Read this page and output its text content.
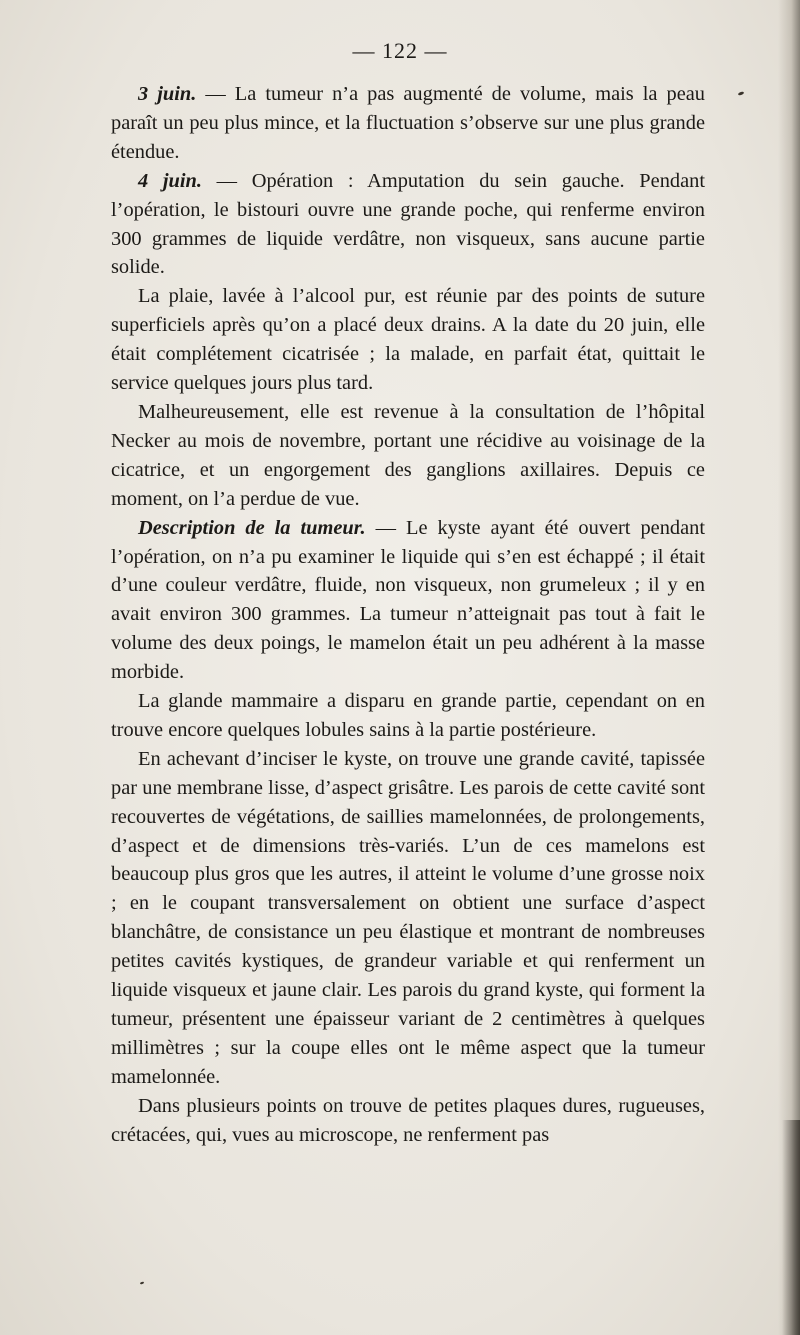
— 122 —

3 juin. — La tumeur n’a pas augmenté de volume, mais la peau paraît un peu plus mince, et la fluctuation s’observe sur une plus grande étendue.

4 juin. — Opération : Amputation du sein gauche. Pendant l’opération, le bistouri ouvre une grande poche, qui renferme environ 300 grammes de liquide verdâtre, non visqueux, sans aucune partie solide.

La plaie, lavée à l’alcool pur, est réunie par des points de suture superficiels après qu’on a placé deux drains. A la date du 20 juin, elle était complétement cicatrisée ; la malade, en parfait état, quittait le service quelques jours plus tard.

Malheureusement, elle est revenue à la consultation de l’hôpital Necker au mois de novembre, portant une récidive au voisinage de la cicatrice, et un engorgement des ganglions axillaires. Depuis ce moment, on l’a perdue de vue.

Description de la tumeur. — Le kyste ayant été ouvert pendant l’opération, on n’a pu examiner le liquide qui s’en est échappé ; il était d’une couleur verdâtre, fluide, non visqueux, non grumeleux ; il y en avait environ 300 grammes. La tumeur n’atteignait pas tout à fait le volume des deux poings, le mamelon était un peu adhérent à la masse morbide.

La glande mammaire a disparu en grande partie, cependant on en trouve encore quelques lobules sains à la partie postérieure.

En achevant d’inciser le kyste, on trouve une grande cavité, tapissée par une membrane lisse, d’aspect grisâtre. Les parois de cette cavité sont recouvertes de végétations, de saillies mamelonnées, de prolongements, d’aspect et de dimensions très-variés. L’un de ces mamelons est beaucoup plus gros que les autres, il atteint le volume d’une grosse noix ; en le coupant transversalement on obtient une surface d’aspect blanchâtre, de consistance un peu élastique et montrant de nombreuses petites cavités kystiques, de grandeur variable et qui renferment un liquide visqueux et jaune clair. Les parois du grand kyste, qui forment la tumeur, présentent une épaisseur variant de 2 centimètres à quelques millimètres ; sur la coupe elles ont le même aspect que la tumeur mamelonnée.

Dans plusieurs points on trouve de petites plaques dures, rugueuses, crétacées, qui, vues au microscope, ne renferment pas
